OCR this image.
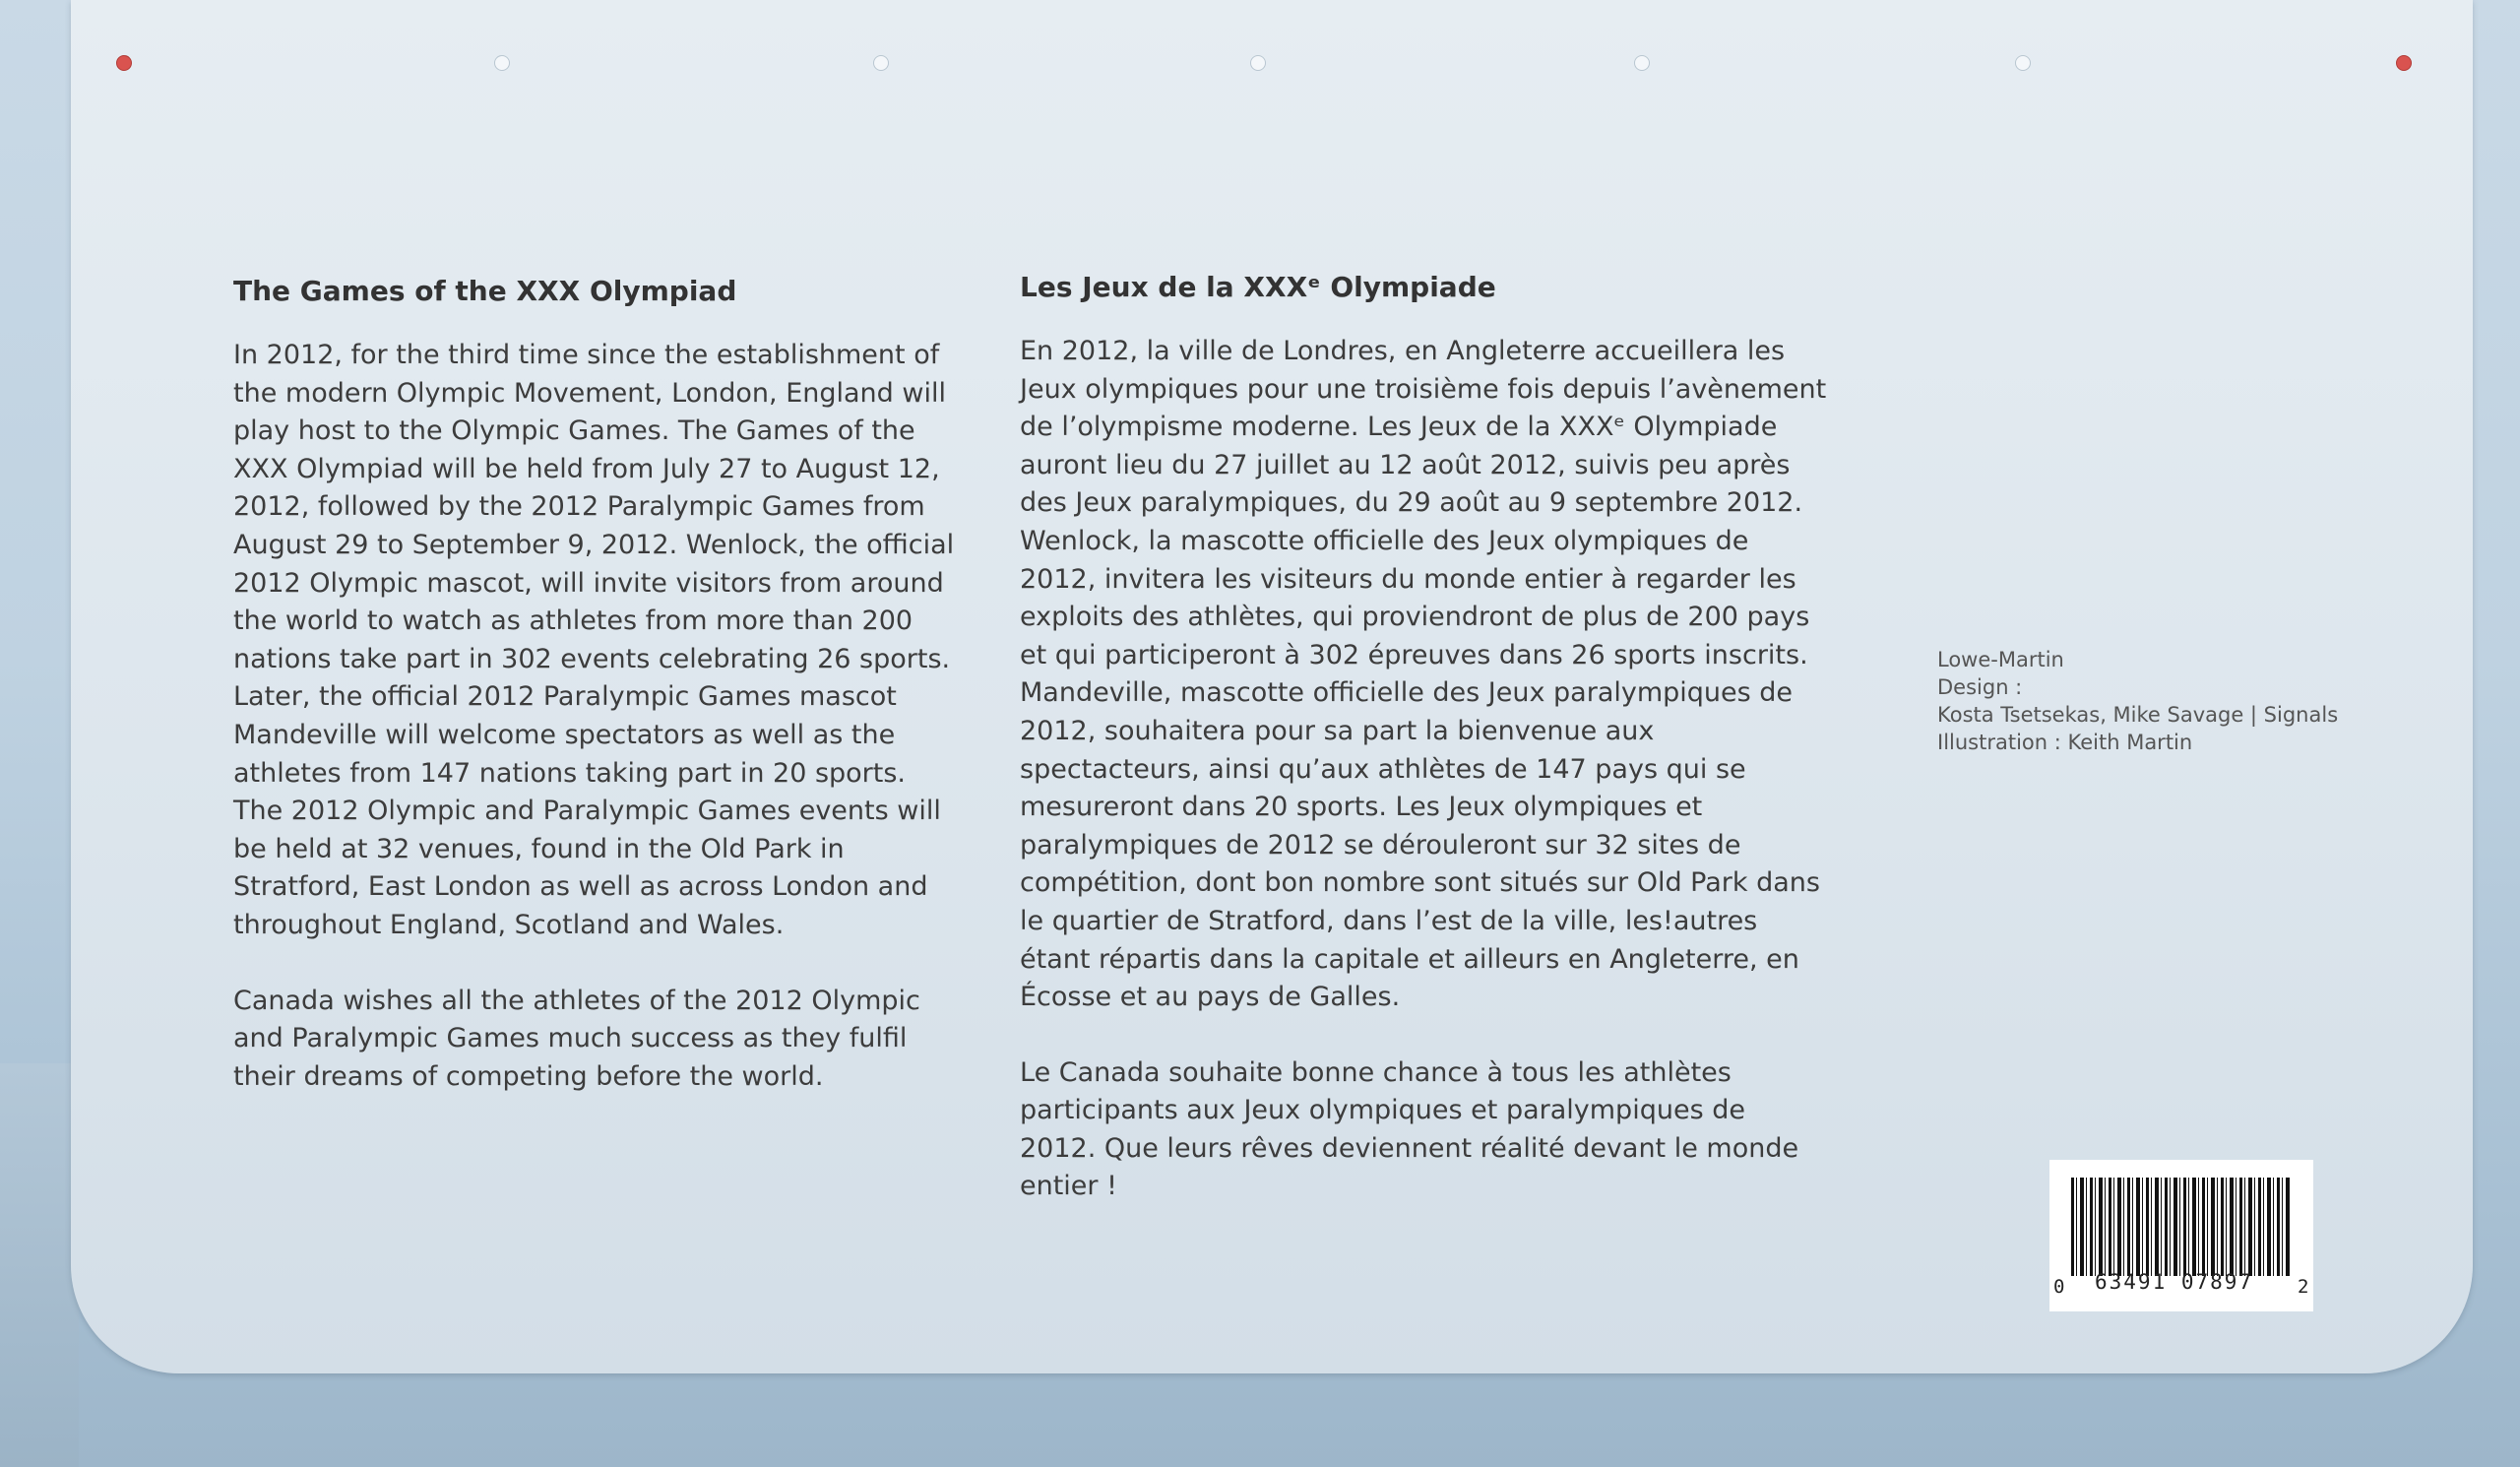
The Games of the XXX Olympiad

In 2012, for the third time since the establishment of the modern Olympic Movement, London, England will play host to the Olympic Games. The Games of the XXX Olympiad will be held from July 27 to August 12, 2012, followed by the 2012 Paralympic Games from August 29 to September 9, 2012. Wenlock, the official 2012 Olympic mascot, will invite visitors from around the world to watch as athletes from more than 200 nations take part in 302 events celebrating 26 sports. Later, the official 2012 Paralympic Games mascot Mandeville will welcome spectators as well as the athletes from 147 nations taking part in 20 sports. The 2012 Olympic and Paralympic Games events will be held at 32 venues, found in the Old Park in Stratford, East London as well as across London and throughout England, Scotland and Wales.

Canada wishes all the athletes of the 2012 Olympic and Paralympic Games much success as they fulfil their dreams of competing before the world.

Les Jeux de la XXXᵉ Olympiade

En 2012, la ville de Londres, en Angleterre accueillera les Jeux olympiques pour une troisième fois depuis l’avènement de l’olympisme moderne. Les Jeux de la XXXᵉ Olympiade auront lieu du 27 juillet au 12 août 2012, suivis peu après des Jeux paralympiques, du 29 août au 9 septembre 2012. Wenlock, la mascotte officielle des Jeux olympiques de 2012, invitera les visiteurs du monde entier à regarder les exploits des athlètes, qui proviendront de plus de 200 pays et qui participeront à 302 épreuves dans 26 sports inscrits. Mandeville, mascotte officielle des Jeux paralympiques de 2012, souhaitera pour sa part la bienvenue aux spectacteurs, ainsi qu’aux athlètes de 147 pays qui se mesureront dans 20 sports. Les Jeux olympiques et paralympiques de 2012 se dérouleront sur 32 sites de compétition, dont bon nombre sont situés sur Old Park dans le quartier de Stratford, dans l’est de la ville, les!autres étant répartis dans la capitale et ailleurs en Angleterre, en Écosse et au pays de Galles.

Le Canada souhaite bonne chance à tous les athlètes participants aux Jeux olympiques et paralympiques de 2012. Que leurs rêves deviennent réalité devant le monde entier !

Lowe-Martin
Design :
Kosta Tsetsekas, Mike Savage | Signals
Illustration : Keith Martin
0 63491 07897 2
